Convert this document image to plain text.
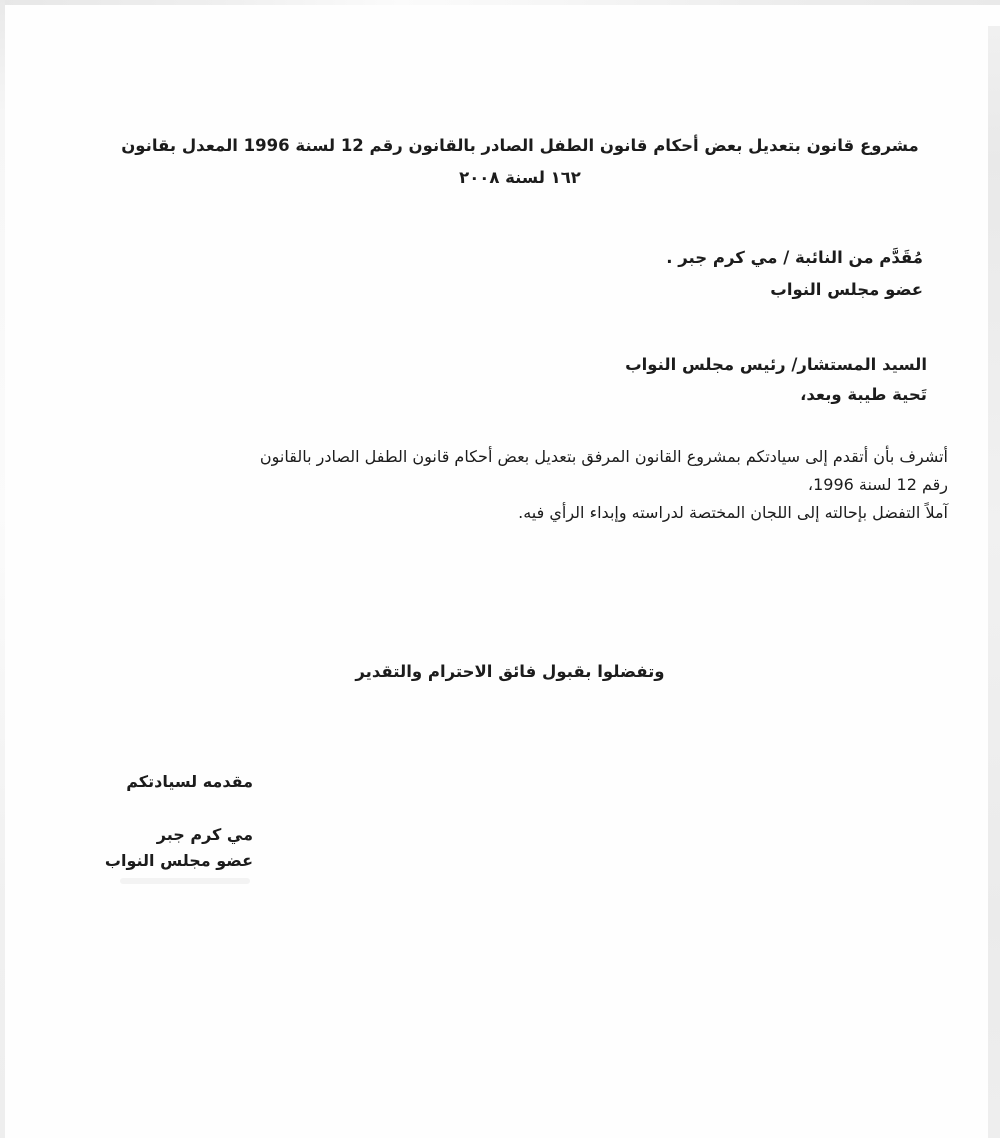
مشروع قانون بتعديل بعض أحكام قانون الطفل الصادر بالقانون رقم 12 لسنة 1996 المعدل بقانون
١٦٢ لسنة ٢٠٠٨
مُقَدَّم من النائبة / مي كرم جبر .
عضو مجلس النواب
السيد المستشار/ رئيس مجلس النواب
تَحية طيبة وبعد،
أتشرف بأن أتقدم إلى سيادتكم بمشروع القانون المرفق بتعديل بعض أحكام قانون الطفل الصادر بالقانون
رقم 12 لسنة 1996،
آملاً التفضل بإحالته إلى اللجان المختصة لدراسته وإبداء الرأي فيه.
وتفضلوا بقبول فائق الاحترام والتقدير
مقدمه لسيادتكم
مي كرم جبر
عضو مجلس النواب
